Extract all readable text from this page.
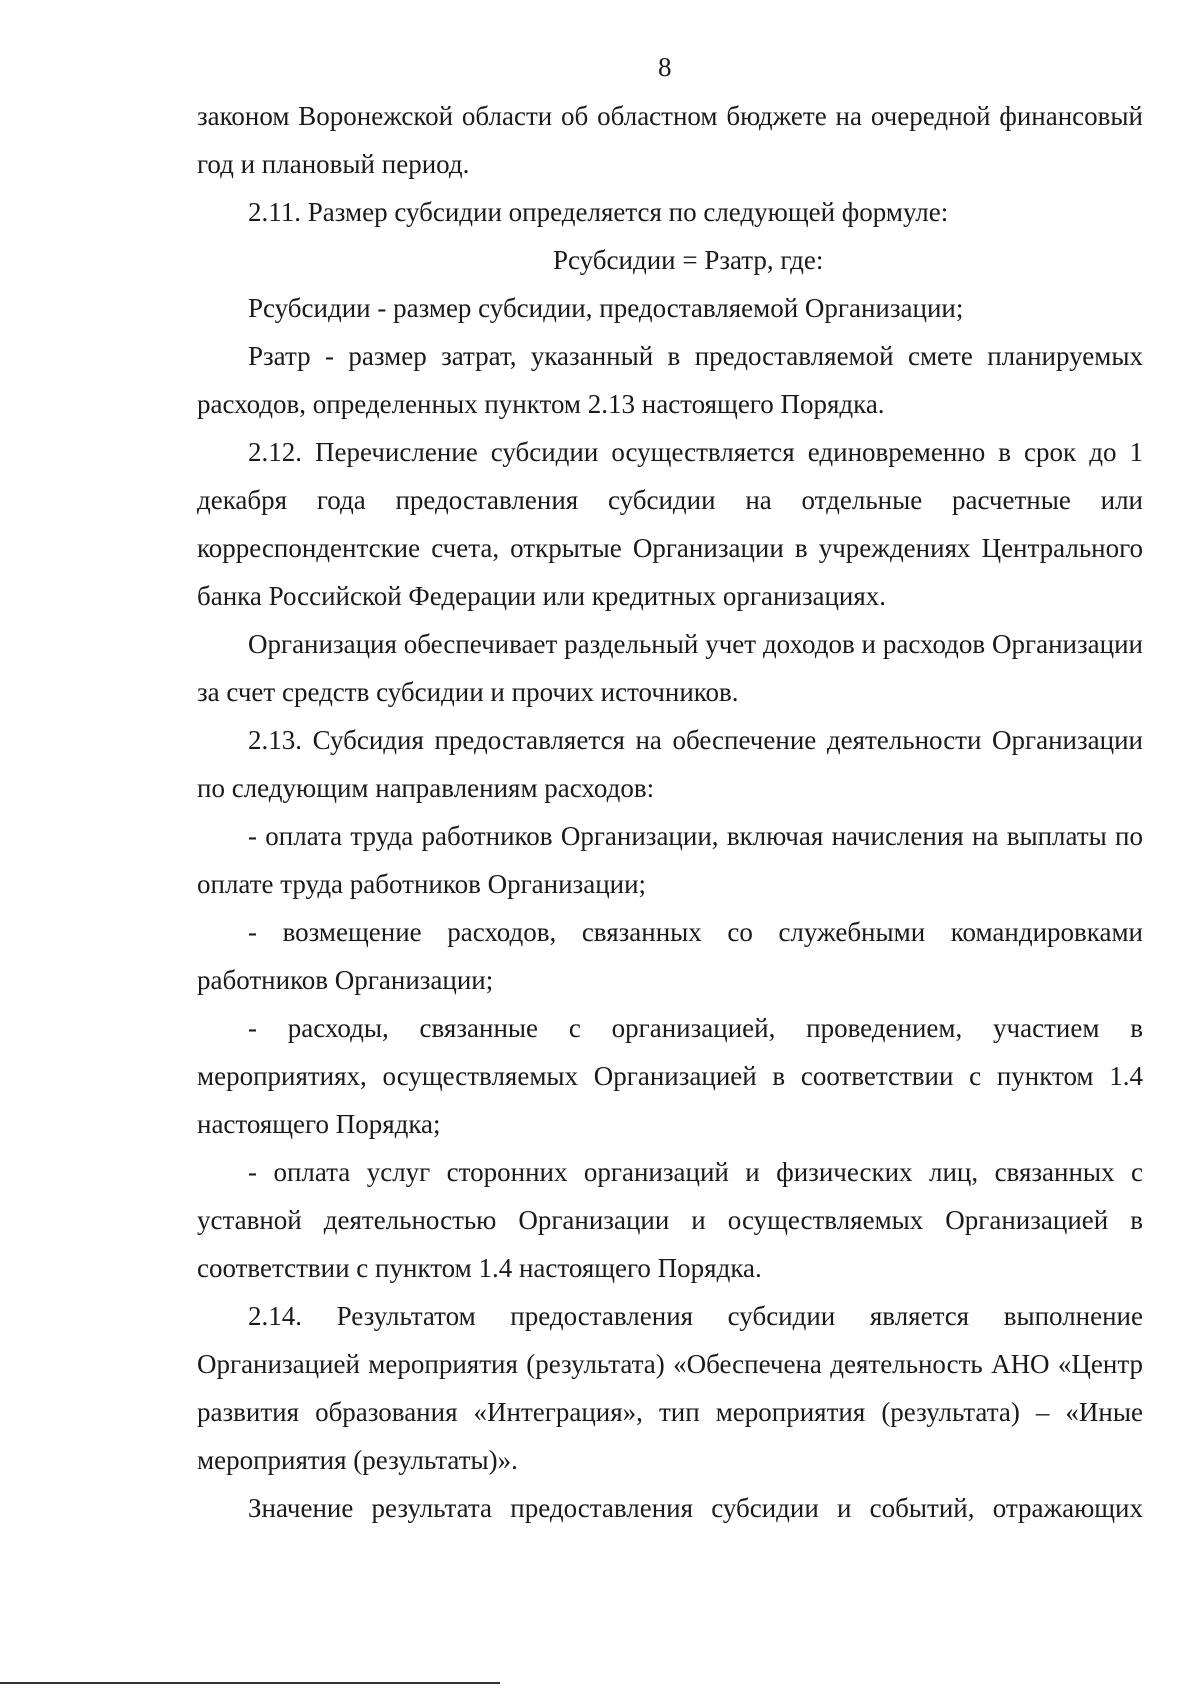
8

законом Воронежской области об областном бюджете на очередной финансовый год и плановый период.

2.11. Размер субсидии определяется по следующей формуле:

Рсубсидии = Рзатр, где:

Рсубсидии - размер субсидии, предоставляемой Организации;

Рзатр - размер затрат, указанный в предоставляемой смете планируемых расходов, определенных пунктом 2.13 настоящего Порядка.

2.12. Перечисление субсидии осуществляется единовременно в срок до 1 декабря года предоставления субсидии на отдельные расчетные или корреспондентские счета, открытые Организации в учреждениях Центрального банка Российской Федерации или кредитных организациях.

Организация обеспечивает раздельный учет доходов и расходов Организации за счет средств субсидии и прочих источников.

2.13. Субсидия предоставляется на обеспечение деятельности Организации по следующим направлениям расходов:

- оплата труда работников Организации, включая начисления на выплаты по оплате труда работников Организации;

- возмещение расходов, связанных со служебными командировками работников Организации;

- расходы, связанные с организацией, проведением, участием в мероприятиях, осуществляемых Организацией в соответствии с пунктом 1.4 настоящего Порядка;

- оплата услуг сторонних организаций и физических лиц, связанных с уставной деятельностью Организации и осуществляемых Организацией в соответствии с пунктом 1.4 настоящего Порядка.

2.14. Результатом предоставления субсидии является выполнение Организацией мероприятия (результата) «Обеспечена деятельность АНО «Центр развития образования «Интеграция», тип мероприятия (результата) – «Иные мероприятия (результаты)».

Значение результата предоставления субсидии и событий, отражающих
